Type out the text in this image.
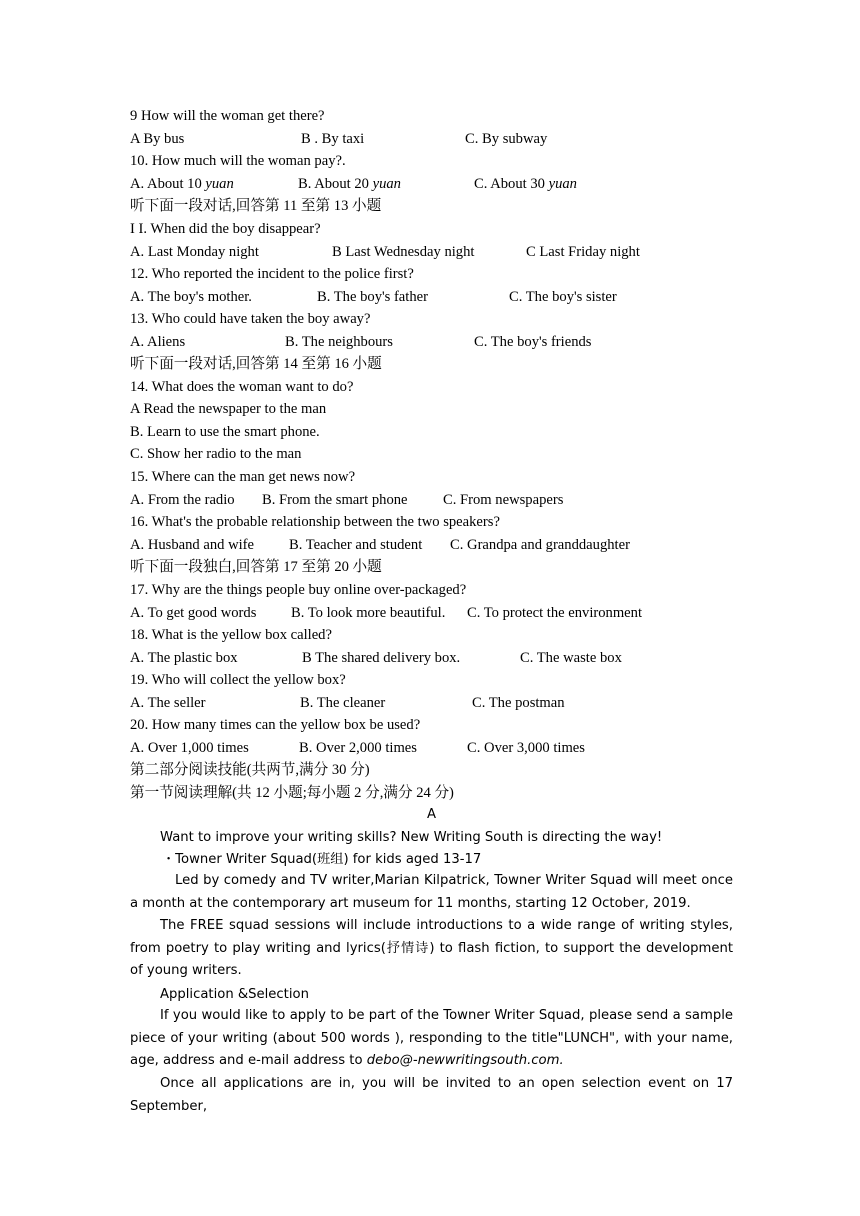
9 How will the woman get there?
A By bus	B . By taxi	C. By subway
10. How much will the woman pay?.
A. About 10 yuan	B. About 20 yuan	C. About 30 yuan
听下面一段对话,回答第 11 至第 13 小题
I I. When did the boy disappear?
A. Last Monday night	B Last Wednesday night	C Last Friday night
12. Who reported the incident to the police first?
A. The boy's mother.	B. The boy's father	C. The boy's sister
13. Who could have taken the boy away?
A. Aliens	B. The neighbours	C. The boy's friends
听下面一段对话,回答第 14 至第 16 小题
14. What does the woman want to do?
A Read the newspaper to the man
B. Learn to use the smart phone.
C. Show her radio to the man
15. Where can the man get news now?
A. From the radio B. From the smart phone C. From newspapers
16. What's the probable relationship between the two speakers?
A. Husband and wife B. Teacher and student C. Grandpa and granddaughter
听下面一段独白,回答第 17 至第 20 小题
17. Why are the things people buy online over-packaged?
A. To get good words B. To look more beautiful. C. To protect the environment
18. What is the yellow box called?
A. The plastic box	B The shared delivery box.	C. The waste box
19. Who will collect the yellow box?
A. The seller	B. The cleaner	C. The postman
20. How many times can the yellow box be used?
A. Over 1,000 times	B. Over 2,000 times	C. Over 3,000 times
第二部分阅读技能(共两节,满分 30 分)
第一节阅读理解(共 12 小题;每小题 2 分,满分 24 分)
A
Want to improve your writing skills? New Writing South is directing the way!
・Towner Writer Squad(班组) for kids aged 13-17
Led by comedy and TV writer,Marian Kilpatrick, Towner Writer Squad will meet once a month at the contemporary art museum for 11 months, starting 12 October, 2019.
The FREE squad sessions will include introductions to a wide range of writing styles, from poetry to play writing and lyrics(抒情诗) to flash fiction, to support the development of young writers.
Application &Selection
If you would like to apply to be part of the Towner Writer Squad, please send a sample piece of your writing (about 500 words ), responding to the title"LUNCH", with your name, age, address and e-mail address to debo@-newwritingsouth.com.
Once all applications are in, you will be invited to an open selection event on 17 September,
